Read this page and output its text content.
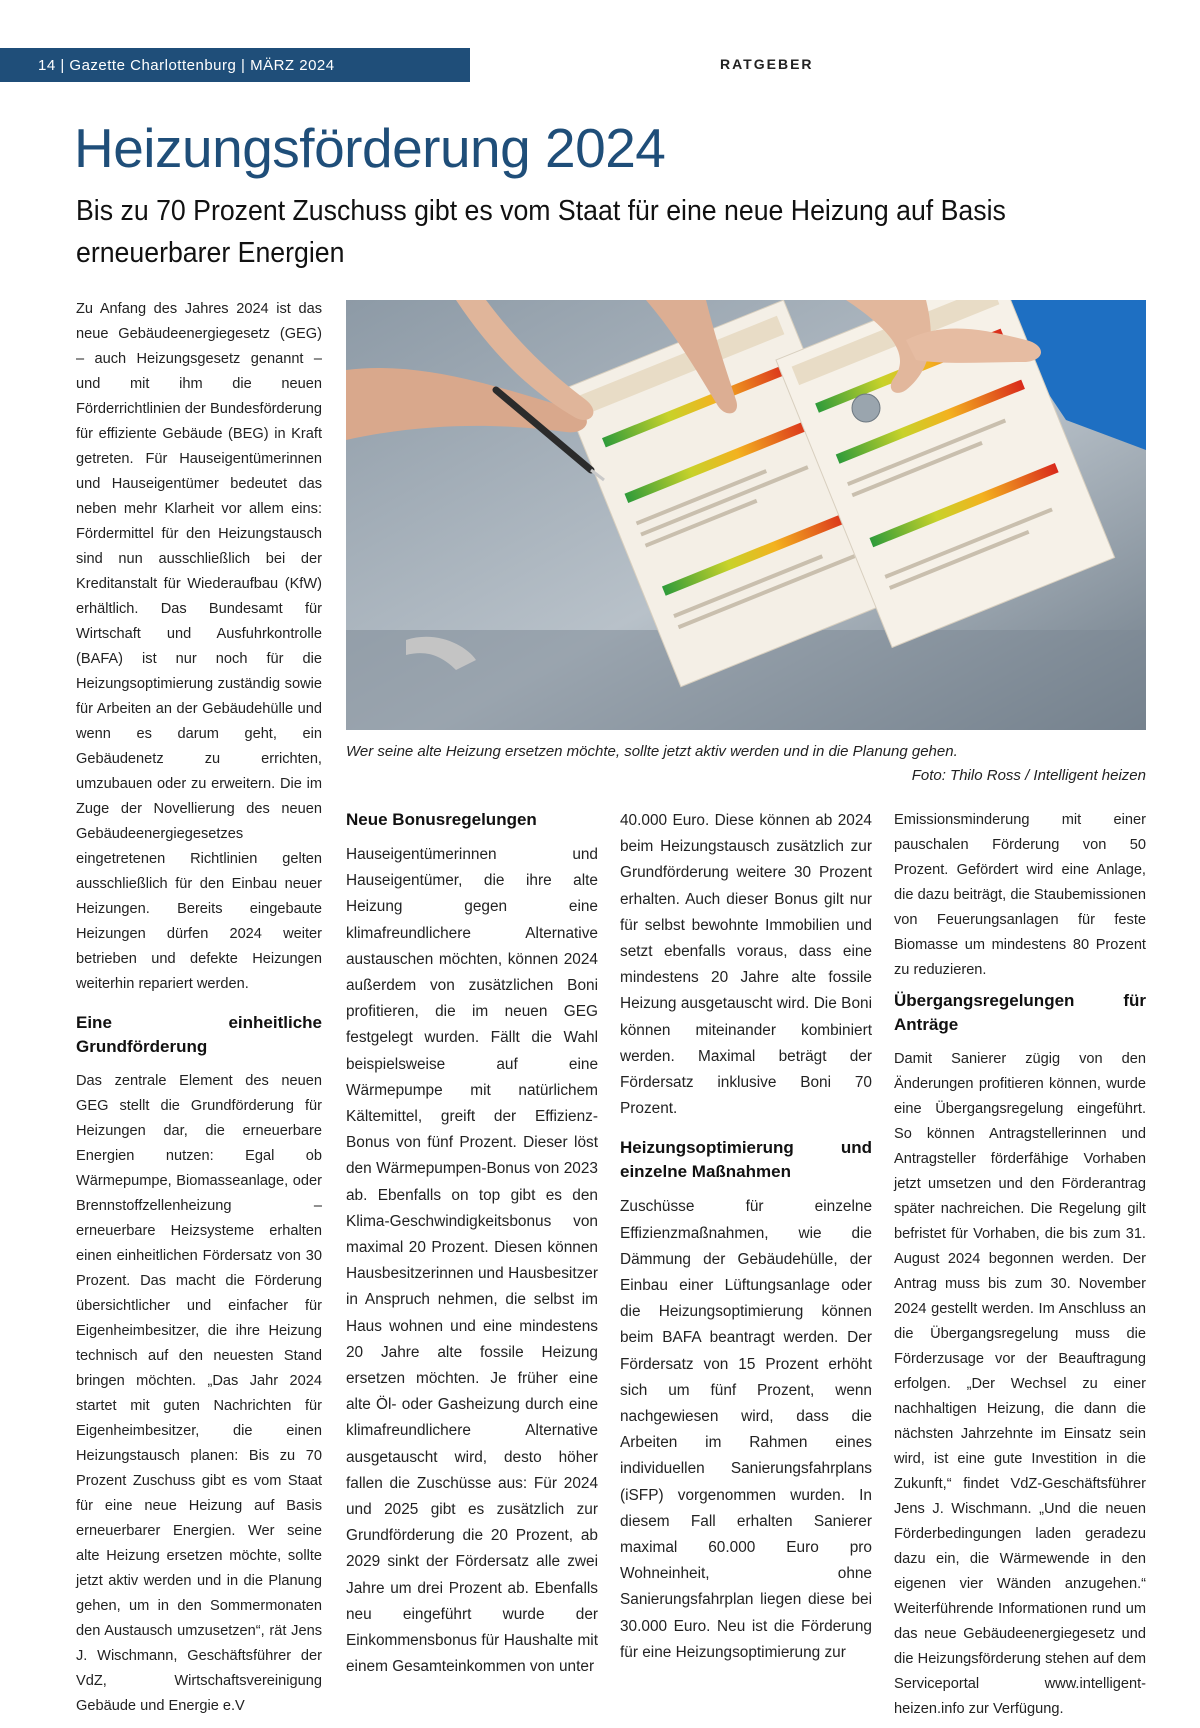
14 | Gazette Charlottenburg | MÄRZ 2024	RATGEBER
Heizungsförderung 2024
Bis zu 70 Prozent Zuschuss gibt es vom Staat für eine neue Heizung auf Basis erneuerbarer Energien

Zu Anfang des Jahres 2024 ist das neue Gebäudeenergiegesetz (GEG) – auch Heizungsgesetz genannt – und mit ihm die neuen Förderrichtlinien der Bundesförderung für effiziente Gebäude (BEG) in Kraft getreten. Für Hauseigentümerinnen und Hauseigentümer bedeutet das neben mehr Klarheit vor allem eins: Fördermittel für den Heizungstausch sind nun ausschließlich bei der Kreditanstalt für Wiederaufbau (KfW) erhältlich. Das Bundesamt für Wirtschaft und Ausfuhrkontrolle (BAFA) ist nur noch für die Heizungsoptimierung zuständig sowie für Arbeiten an der Gebäudehülle und wenn es darum geht, ein Gebäudenetz zu errichten, umzubauen oder zu erweitern. Die im Zuge der Novellierung des neuen Gebäudeenergiegesetzes eingetretenen Richtlinien gelten ausschließlich für den Einbau neuer Heizungen. Bereits eingebaute Heizungen dürfen 2024 weiter betrieben und defekte Heizungen weiterhin repariert werden.

Eine einheitliche Grundförderung

Das zentrale Element des neuen GEG stellt die Grundförderung für Heizungen dar, die erneuerbare Energien nutzen: Egal ob Wärmepumpe, Biomasseanlage, oder Brennstoffzellenheizung – erneuerbare Heizsysteme erhalten einen einheitlichen Fördersatz von 30 Prozent. Das macht die Förderung übersichtlicher und einfacher für Eigenheimbesitzer, die ihre Heizung technisch auf den neuesten Stand bringen möchten. „Das Jahr 2024 startet mit guten Nachrichten für Eigenheimbesitzer, die einen Heizungstausch planen: Bis zu 70 Prozent Zuschuss gibt es vom Staat für eine neue Heizung auf Basis erneuerbarer Energien. Wer seine alte Heizung ersetzen möchte, sollte jetzt aktiv werden und in die Planung gehen, um in den Sommermonaten den Austausch umzusetzen“, rät Jens J. Wischmann, Geschäftsführer der VdZ, Wirtschaftsvereinigung Gebäude und Energie e.V

Wer seine alte Heizung ersetzen möchte, sollte jetzt aktiv werden und in die Planung gehen.
Foto: Thilo Ross / Intelligent heizen
Neue Bonusregelungen

Hauseigentümerinnen und Hauseigentümer, die ihre alte Heizung gegen eine klimafreundlichere Alternative austauschen möchten, können 2024 außerdem von zusätzlichen Boni profitieren, die im neuen GEG festgelegt wurden. Fällt die Wahl beispielsweise auf eine Wärmepumpe mit natürlichem Kältemittel, greift der Effizienz-Bonus von fünf Prozent. Dieser löst den Wärmepumpen-Bonus von 2023 ab. Ebenfalls on top gibt es den Klima-Geschwindigkeitsbonus von maximal 20 Prozent. Diesen können Hausbesitzerinnen und Hausbesitzer in Anspruch nehmen, die selbst im Haus wohnen und eine mindestens 20 Jahre alte fossile Heizung ersetzen möchten. Je früher eine alte Öl- oder Gasheizung durch eine klimafreundlichere Alternative ausgetauscht wird, desto höher fallen die Zuschüsse aus: Für 2024 und 2025 gibt es zusätzlich zur Grundförderung die 20 Prozent, ab 2029 sinkt der Fördersatz alle zwei Jahre um drei Prozent ab. Ebenfalls neu eingeführt wurde der Einkommensbonus für Haushalte mit einem Gesamteinkommen von unter

40.000 Euro. Diese können ab 2024 beim Heizungstausch zusätzlich zur Grundförderung weitere 30 Prozent erhalten. Auch dieser Bonus gilt nur für selbst bewohnte Immobilien und setzt ebenfalls voraus, dass eine mindestens 20 Jahre alte fossile Heizung ausgetauscht wird. Die Boni können miteinander kombiniert werden. Maximal beträgt der Fördersatz inklusive Boni 70 Prozent.

Heizungsoptimierung und einzelne Maßnahmen

Zuschüsse für einzelne Effizienzmaßnahmen, wie die Dämmung der Gebäudehülle, der Einbau einer Lüftungsanlage oder die Heizungsoptimierung können beim BAFA beantragt werden. Der Fördersatz von 15 Prozent erhöht sich um fünf Prozent, wenn nachgewiesen wird, dass die Arbeiten im Rahmen eines individuellen Sanierungsfahrplans (iSFP) vorgenommen wurden. In diesem Fall erhalten Sanierer maximal 60.000 Euro pro Wohneinheit, ohne Sanierungsfahrplan liegen diese bei 30.000 Euro. Neu ist die Förderung für eine Heizungsoptimierung zur

Emissionsminderung mit einer pauschalen Förderung von 50 Prozent. Gefördert wird eine Anlage, die dazu beiträgt, die Staubemissionen von Feuerungsanlagen für feste Biomasse um mindestens 80 Prozent zu reduzieren.

Übergangsregelungen für Anträge

Damit Sanierer zügig von den Änderungen profitieren können, wurde eine Übergangsregelung eingeführt. So können Antragstellerinnen und Antragsteller förderfähige Vorhaben jetzt umsetzen und den Förderantrag später nachreichen. Die Regelung gilt befristet für Vorhaben, die bis zum 31. August 2024 begonnen werden. Der Antrag muss bis zum 30. November 2024 gestellt werden. Im Anschluss an die Übergangsregelung muss die Förderzusage vor der Beauftragung erfolgen. „Der Wechsel zu einer nachhaltigen Heizung, die dann die nächsten Jahrzehnte im Einsatz sein wird, ist eine gute Investition in die Zukunft,“ findet VdZ-Geschäftsführer Jens J. Wischmann. „Und die neuen Förderbedingungen laden geradezu dazu ein, die Wärmewende in den eigenen vier Wänden anzugehen.“ Weiterführende Informationen rund um das neue Gebäudeenergiegesetz und die Heizungsförderung stehen auf dem Serviceportal www.intelligent-heizen.info zur Verfügung.
